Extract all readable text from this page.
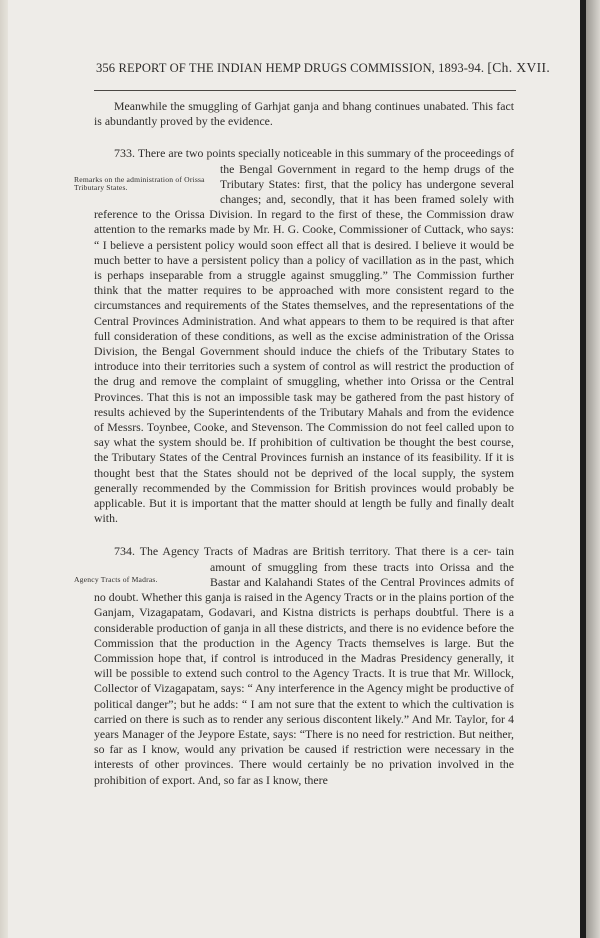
356 REPORT OF THE INDIAN HEMP DRUGS COMMISSION, 1893-94. [Ch. XVII.

Meanwhile the smuggling of Garhjat ganja and bhang continues unabated. This fact is abundantly proved by the evidence.

733. There are two points specially noticeable in this summary of the proceedings of the Bengal Government in regard to the
Remarks on the administration of Orissa Tributary States.
hemp drugs of the Tributary States: first, that the policy has undergone several changes; and, secondly, that it has been framed solely with reference to the Orissa Division. In regard to the first of these, the Commission draw attention to the remarks made by Mr. H. G. Cooke, Commissioner of Cuttack, who says: “ I believe a persistent policy would soon effect all that is desired. I believe it would be much better to have a persistent policy than a policy of vacillation as in the past, which is perhaps inseparable from a struggle against smuggling.” The Commission further think that the matter requires to be approached with more consistent regard to the circumstances and requirements of the States themselves, and the representations of the Central Provinces Administration. And what appears to them to be required is that after full consideration of these conditions, as well as the excise administration of the Orissa Division, the Bengal Government should induce the chiefs of the Tributary States to introduce into their territories such a system of control as will restrict the production of the drug and remove the complaint of smuggling, whether into Orissa or the Central Provinces. That this is not an impossible task may be gathered from the past history of results achieved by the Superintendents of the Tributary Mahals and from the evidence of Messrs. Toynbee, Cooke, and Stevenson. The Commission do not feel called upon to say what the system should be. If prohibition of cultivation be thought the best course, the Tributary States of the Central Provinces furnish an instance of its feasibility. If it is thought best that the States should not be deprived of the local supply, the system generally recommended by the Commission for British provinces would probably be applicable. But it is important that the matter should at length be fully and finally dealt with.

734. The Agency Tracts of Madras are British territory. That there is a cer-
Agency Tracts of Madras.
tain amount of smuggling from these tracts into Orissa and the Bastar and Kalahandi States of the Central Provinces admits of no doubt. Whether this ganja is raised in the Agency Tracts or in the plains portion of the Ganjam, Vizagapatam, Godavari, and Kistna districts is perhaps doubtful. There is a considerable production of ganja in all these districts, and there is no evidence before the Commission that the production in the Agency Tracts themselves is large. But the Commission hope that, if control is introduced in the Madras Presidency generally, it will be possible to extend such control to the Agency Tracts. It is true that Mr. Willock, Collector of Vizagapatam, says: “ Any interference in the Agency might be productive of political danger”; but he adds: “ I am not sure that the extent to which the cultivation is carried on there is such as to render any serious discontent likely.” And Mr. Taylor, for 4 years Manager of the Jeypore Estate, says: “There is no need for restriction. But neither, so far as I know, would any privation be caused if restriction were necessary in the interests of other provinces. There would certainly be no privation involved in the prohibition of export. And, so far as I know, there
